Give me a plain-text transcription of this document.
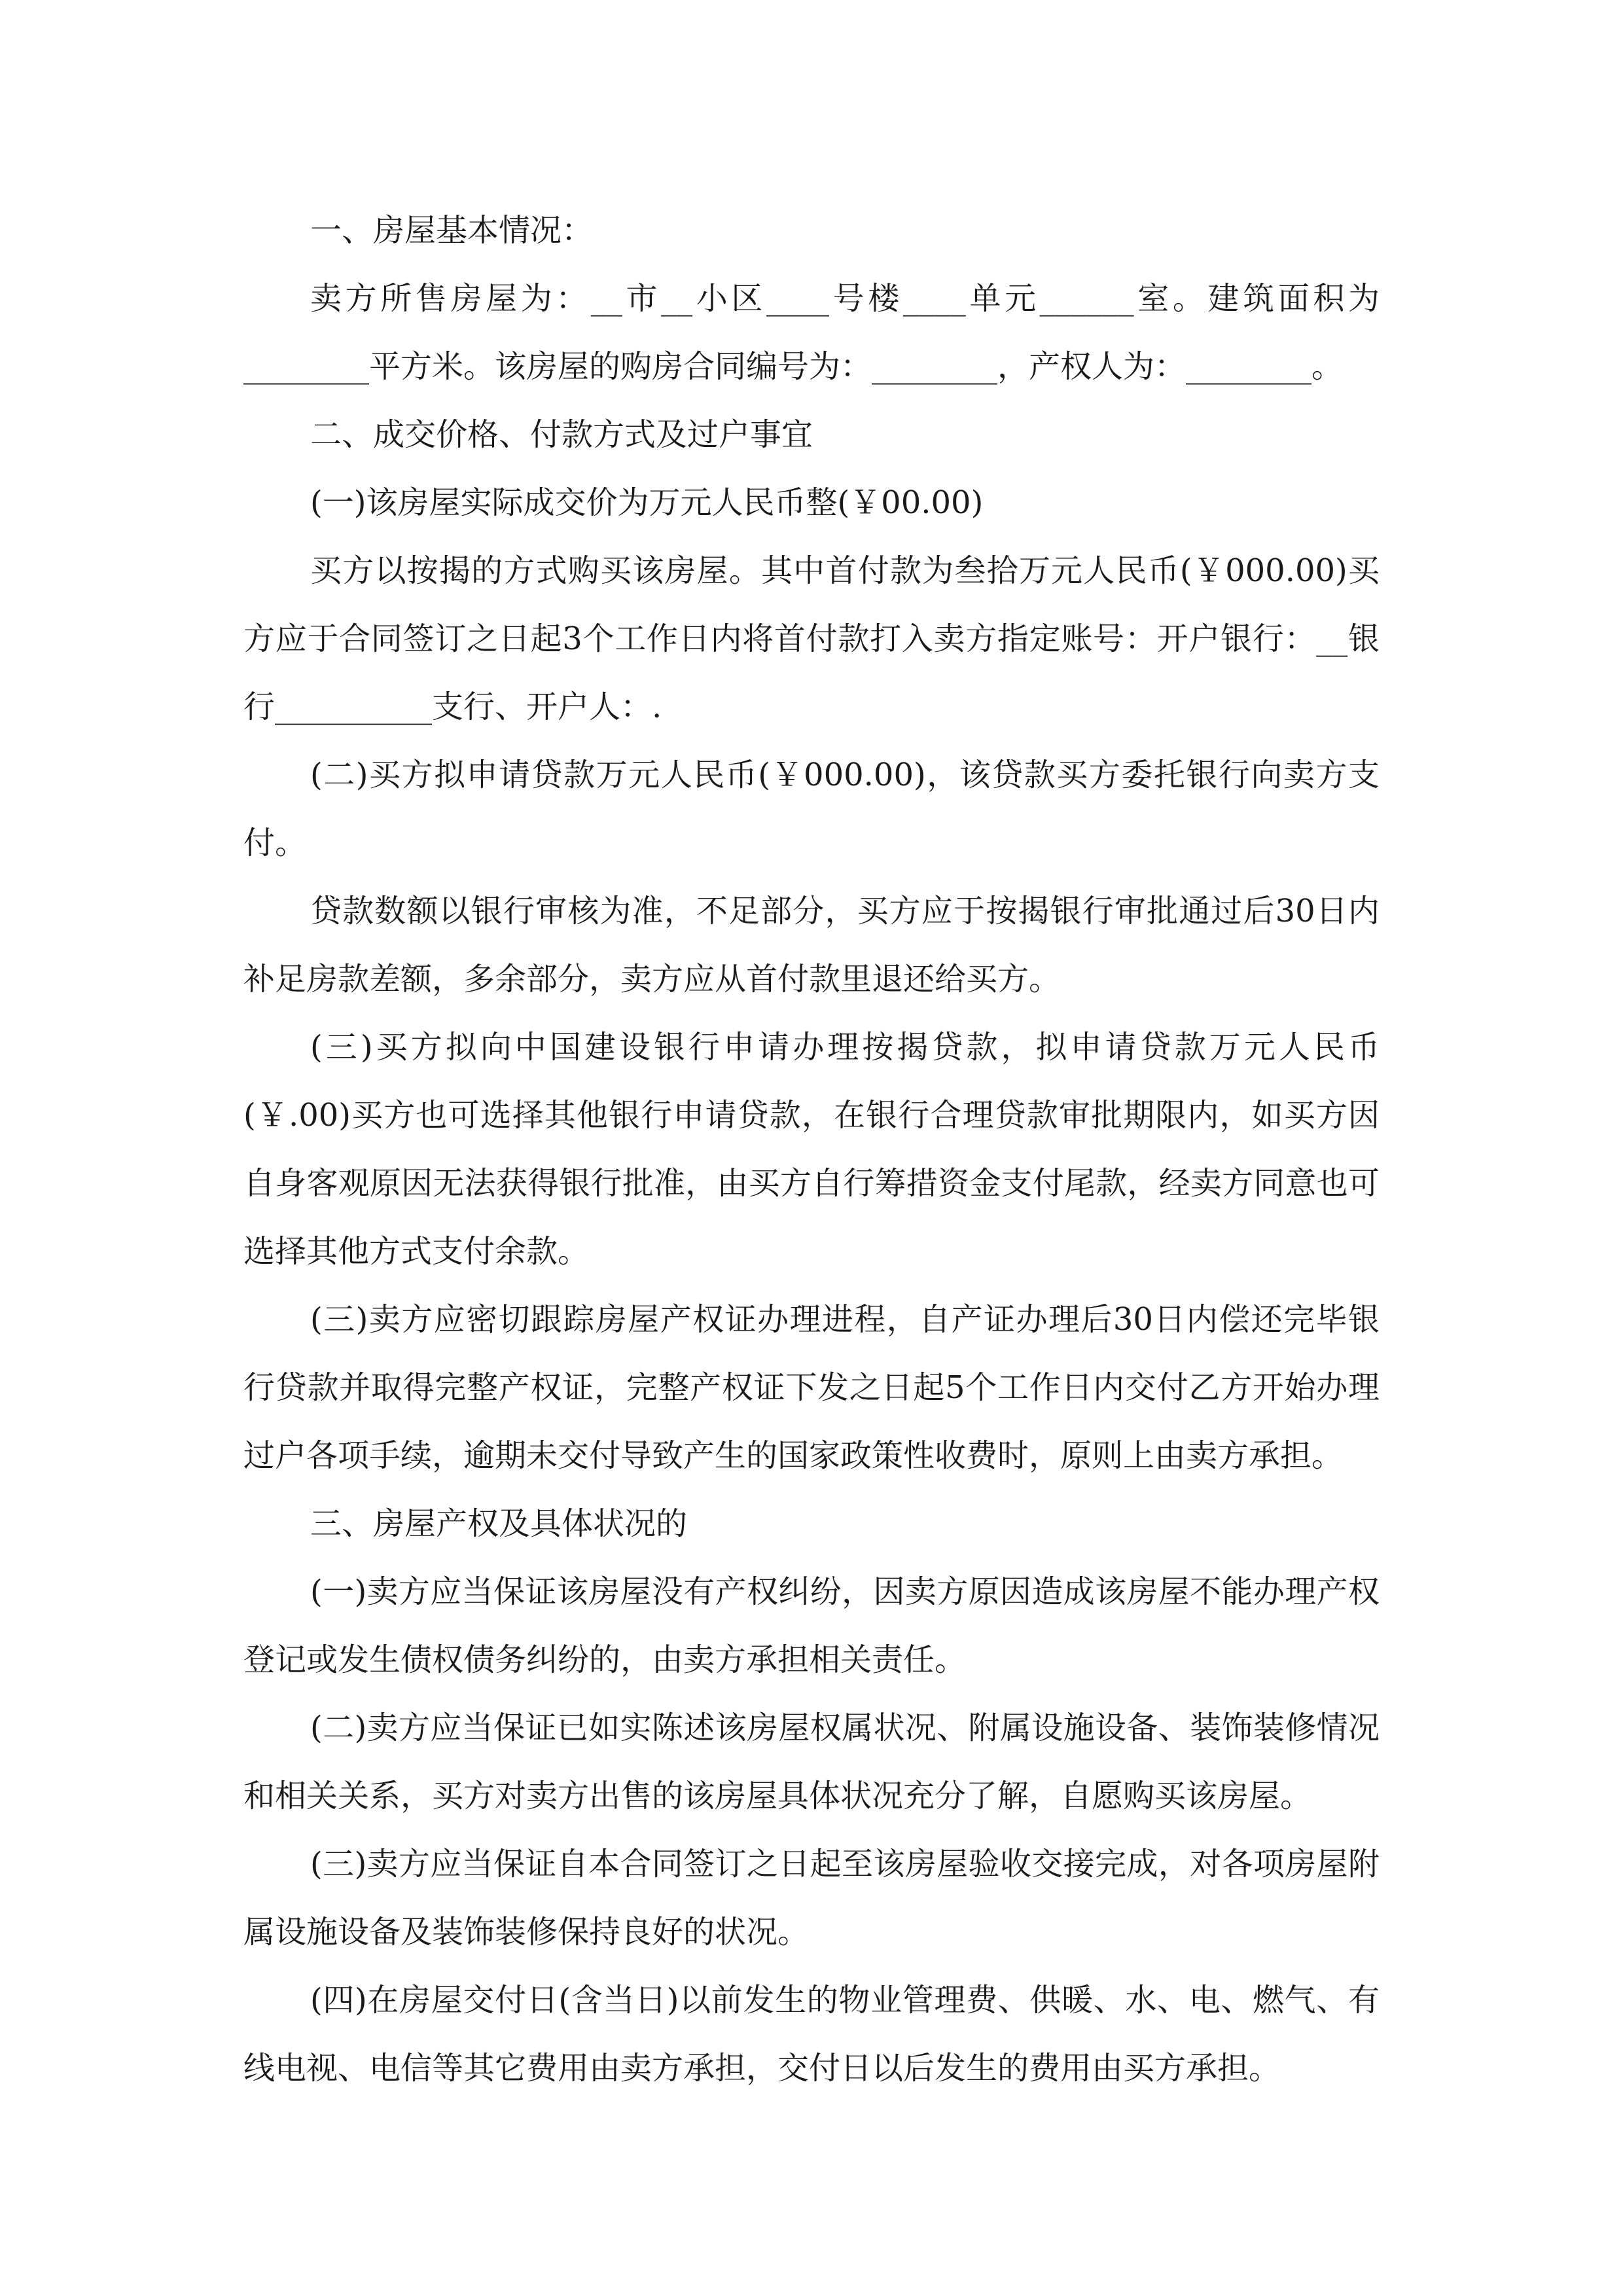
一、房屋基本情况：

卖方所售房屋为：__市__小区____号楼____单元______室。建筑面积为________平方米。该房屋的购房合同编号为：________，产权人为：________。

二、成交价格、付款方式及过户事宜

(一)该房屋实际成交价为万元人民币整(￥00.00)

买方以按揭的方式购买该房屋。其中首付款为叁拾万元人民币(￥000.00)买方应于合同签订之日起3个工作日内将首付款打入卖方指定账号：开户银行：__银行__________支行、开户人：.

(二)买方拟申请贷款万元人民币(￥000.00)，该贷款买方委托银行向卖方支付。

贷款数额以银行审核为准，不足部分，买方应于按揭银行审批通过后30日内补足房款差额，多余部分，卖方应从首付款里退还给买方。

(三)买方拟向中国建设银行申请办理按揭贷款，拟申请贷款万元人民币(￥.00)买方也可选择其他银行申请贷款，在银行合理贷款审批期限内，如买方因自身客观原因无法获得银行批准，由买方自行筹措资金支付尾款，经卖方同意也可选择其他方式支付余款。

(三)卖方应密切跟踪房屋产权证办理进程，自产证办理后30日内偿还完毕银行贷款并取得完整产权证，完整产权证下发之日起5个工作日内交付乙方开始办理过户各项手续，逾期未交付导致产生的国家政策性收费时，原则上由卖方承担。

三、房屋产权及具体状况的

(一)卖方应当保证该房屋没有产权纠纷，因卖方原因造成该房屋不能办理产权登记或发生债权债务纠纷的，由卖方承担相关责任。

(二)卖方应当保证已如实陈述该房屋权属状况、附属设施设备、装饰装修情况和相关关系，买方对卖方出售的该房屋具体状况充分了解，自愿购买该房屋。

(三)卖方应当保证自本合同签订之日起至该房屋验收交接完成，对各项房屋附属设施设备及装饰装修保持良好的状况。

(四)在房屋交付日(含当日)以前发生的物业管理费、供暖、水、电、燃气、有线电视、电信等其它费用由卖方承担，交付日以后发生的费用由买方承担。
